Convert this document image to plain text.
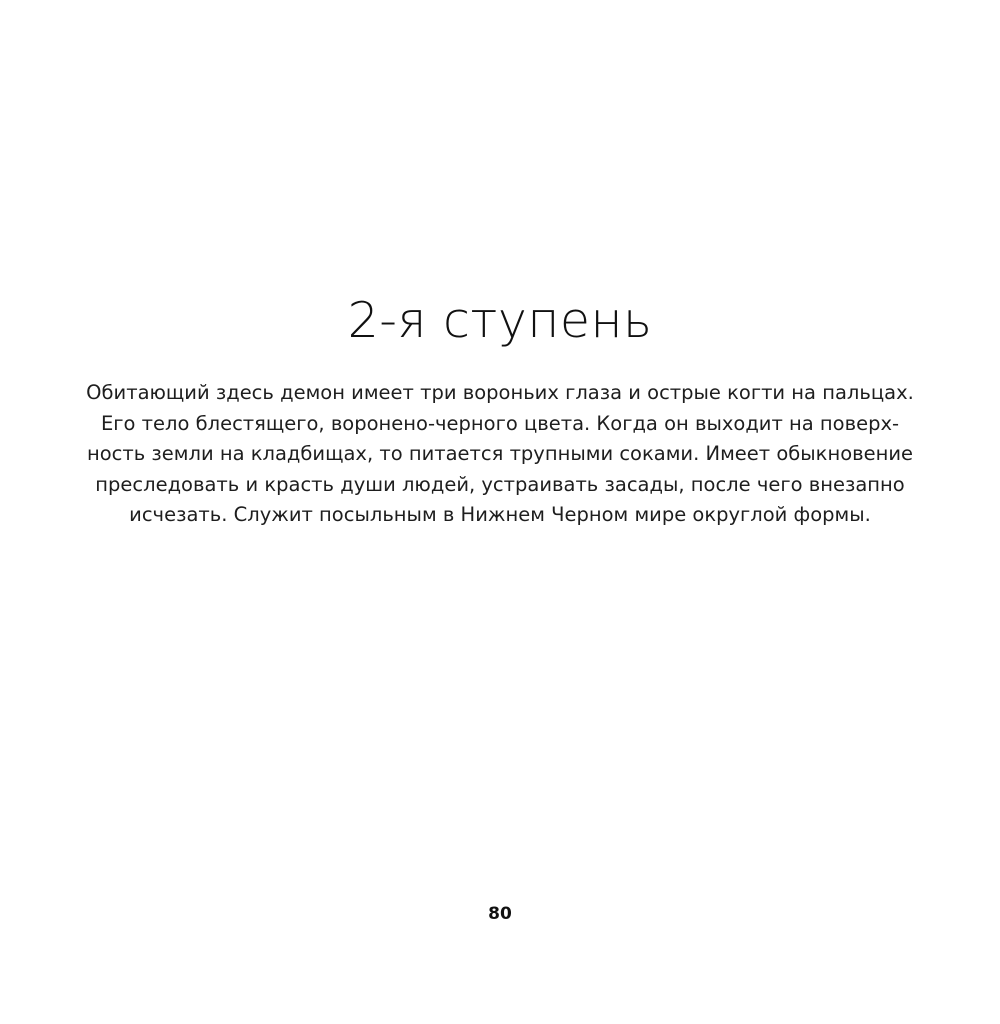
2-я ступень

Обитающий здесь демон имеет три вороньих глаза и острые когти на пальцах.
Его тело блестящего, воронено-черного цвета. Когда он выходит на поверх-
ность земли на кладбищах, то питается трупными соками. Имеет обыкновение
преследовать и красть души людей, устраивать засады, после чего внезапно
исчезать. Служит посыльным в Нижнем Черном мире округлой формы.

80
